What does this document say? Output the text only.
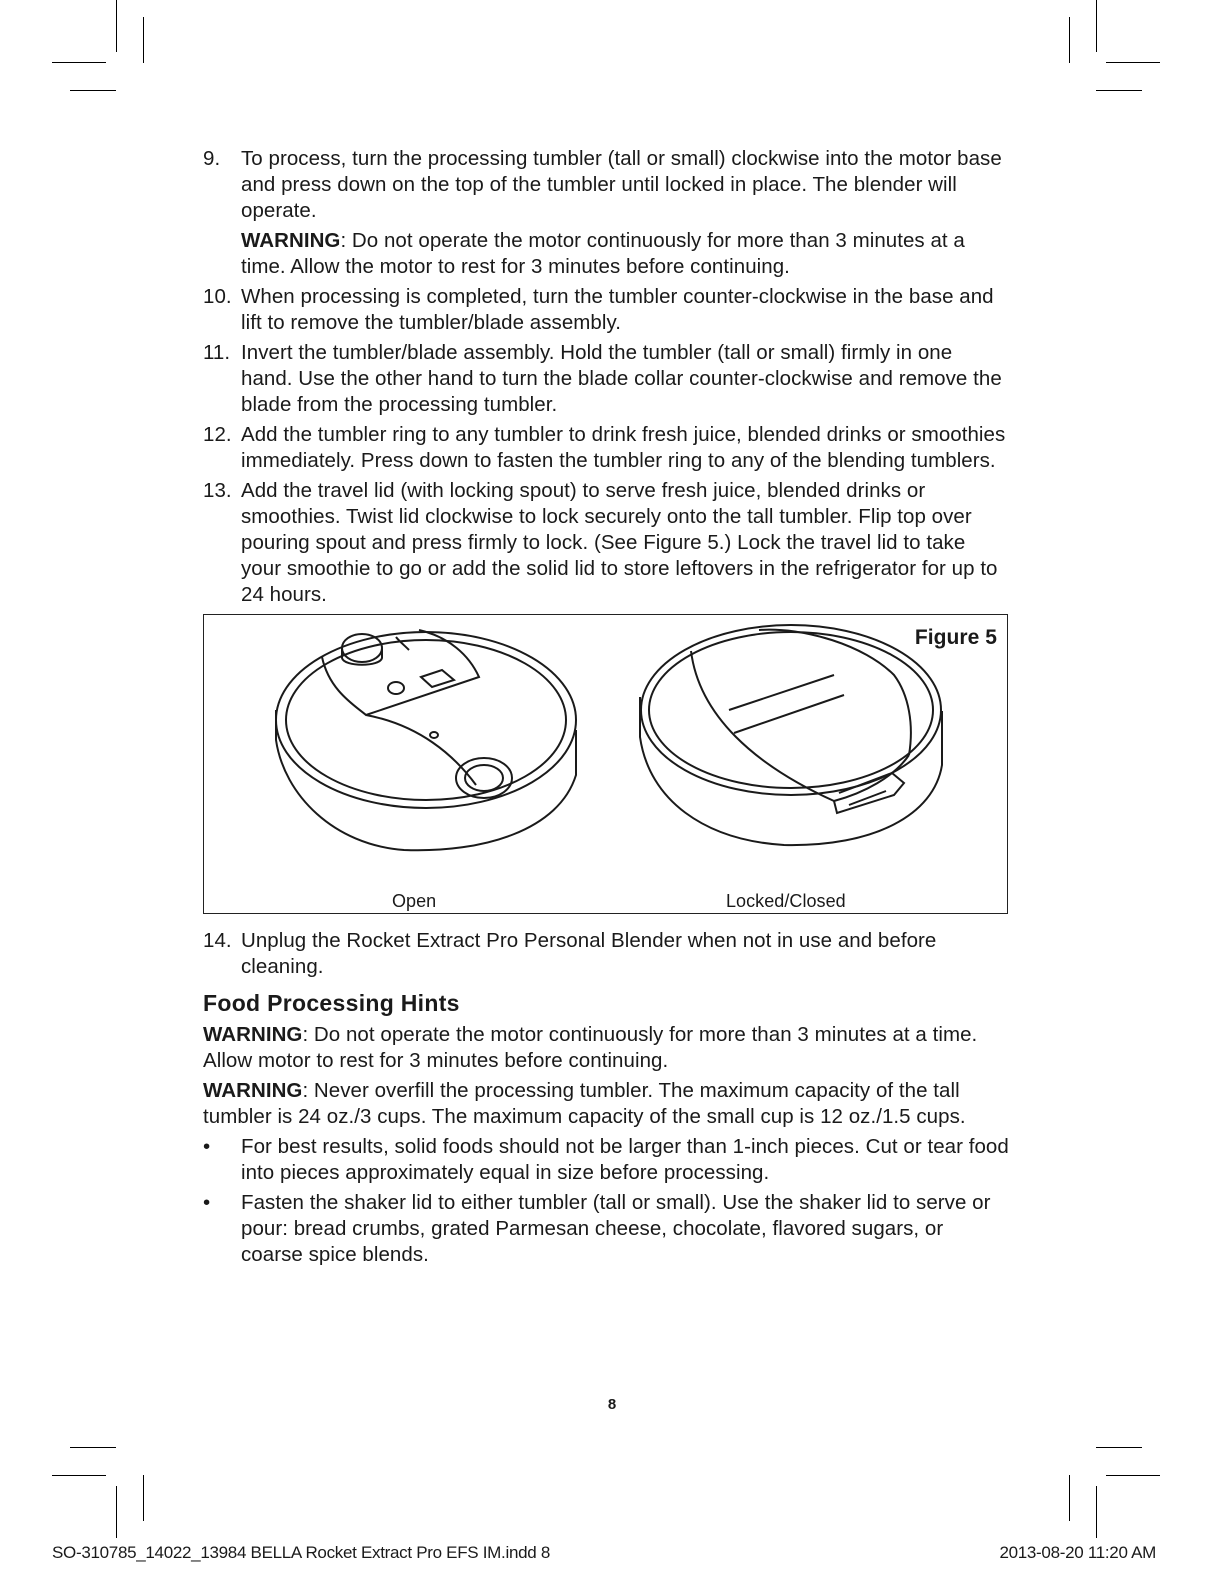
9.	To process, turn the processing tumbler (tall or small) clockwise into the motor base and press down on the top of the tumbler until locked in place. The blender will operate.
WARNING: Do not operate the motor continuously for more than 3 minutes at a time. Allow the motor to rest for 3 minutes before continuing.
10. When processing is completed, turn the tumbler counter-clockwise in the base and lift to remove the tumbler/blade assembly.
11. Invert the tumbler/blade assembly. Hold the tumbler (tall or small) firmly in one hand. Use the other hand to turn the blade collar counter-clockwise and remove the blade from the processing tumbler.
12. Add the tumbler ring to any tumbler to drink fresh juice, blended drinks or smoothies immediately. Press down to fasten the tumbler ring to any of the blending tumblers.
13. Add the travel lid (with locking spout) to serve fresh juice, blended drinks or smoothies. Twist lid clockwise to lock securely onto the tall tumbler. Flip top over pouring spout and press firmly to lock. (See Figure 5.) Lock the travel lid to take your smoothie to go or add the solid lid to store leftovers in the refrigerator for up to 24 hours.
Figure 5
Open	Locked/Closed
14. Unplug the Rocket Extract Pro Personal Blender when not in use and before cleaning.
Food Processing Hints
WARNING: Do not operate the motor continuously for more than 3 minutes at a time. Allow motor to rest for 3 minutes before continuing.
WARNING: Never overfill the processing tumbler. The maximum capacity of the tall tumbler is 24 oz./3 cups. The maximum capacity of the small cup is 12 oz./1.5 cups.
•	For best results, solid foods should not be larger than 1-inch pieces. Cut or tear food into pieces approximately equal in size before processing.
•	Fasten the shaker lid to either tumbler (tall or small). Use the shaker lid to serve or pour: bread crumbs, grated Parmesan cheese, chocolate, flavored sugars, or coarse spice blends.
8
SO-310785_14022_13984 BELLA Rocket Extract Pro EFS IM.indd 8	2013-08-20 11:20 AM
